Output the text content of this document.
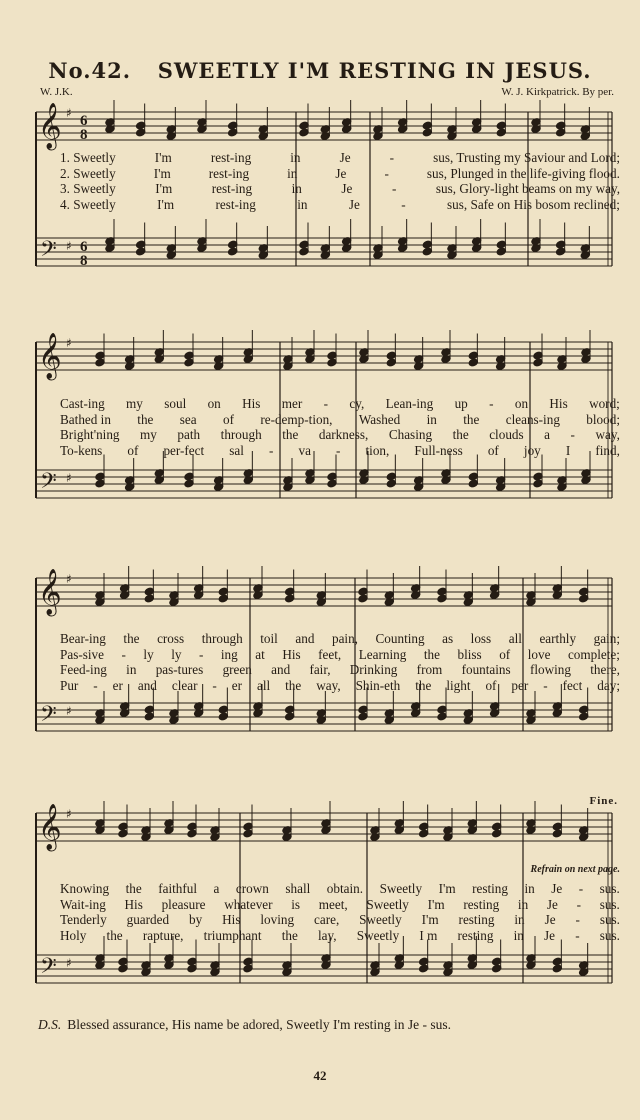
No.42. SWEETLY I'M RESTING IN JESUS.
W. J.K.	W. J. Kirkpatrick. By per.
𝄞
𝄢
♯
♯
6
8
6
8
𝄞
𝄢
♯
♯
𝄞
𝄢
♯
♯
𝄞
𝄢
♯
♯
1. Sweetly	I'm	rest-ing	in	Je	-	sus, Trusting my Saviour and Lord;
2. Sweetly	I'm	rest-ing	in	Je	-	sus, Plunged in the life-giving flood.
3. Sweetly	I'm	rest-ing	in	Je	-	sus, Glory-light beams on my way,
4. Sweetly	I'm	rest-ing	in	Je	-	sus, Safe on His bosom reclined;
Cast-ing my soul on His mer - cy, Lean-ing up - on His word;
Bathed in the sea of re-demp-tion, Washed in the cleans-ing blood;
Bright'ning my path through the darkness, Chasing the clouds a - way,
To-kens of per-fect sal - va - tion, Full-ness of joy I find,
Bear-ing the cross through toil and pain, Counting as loss all earthly gain;
Pas-sive - ly ly - ing at His feet, Learning the bliss of love complete;
Feed-ing in pas-tures green and fair, Drinking from fountains flowing there,
Pur - er and clear - er all the way, Shin-eth the light of per - fect day;
Knowing the faithful a crown shall obtain. Sweetly I'm resting in Je - sus.
Wait-ing His pleasure whatever is meet, Sweetly I'm resting in Je - sus.
Tenderly guarded by His loving care, Sweetly I'm resting in Je - sus.
Holy the rapture, triumphant the lay, Sweetly I m resting in Je - sus.
Fine.
Refrain on next page.
D.S. Blessed assurance, His name be adored, Sweetly I'm resting in Je - sus.
42
